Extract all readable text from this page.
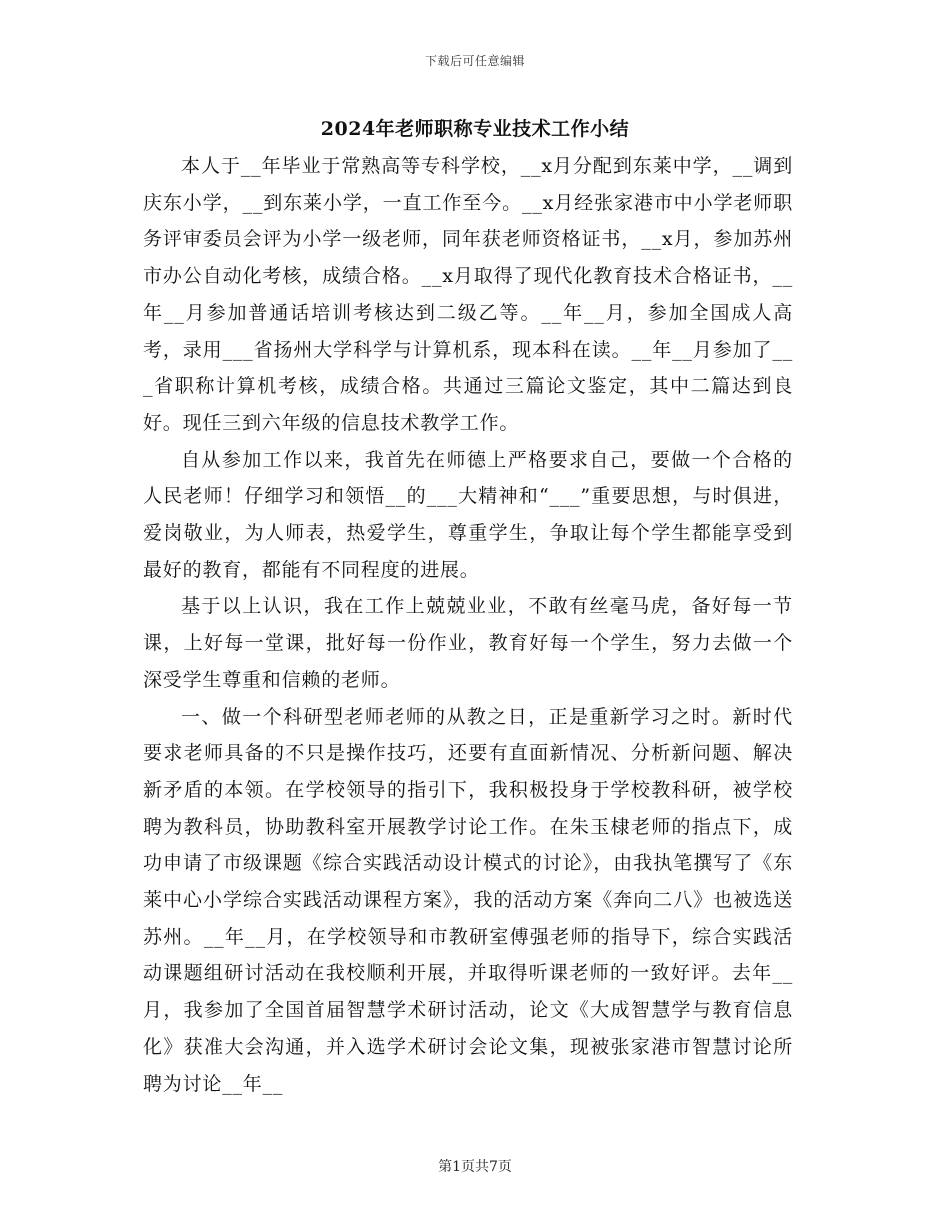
下载后可任意编辑
2024年老师职称专业技术工作小结

本人于__年毕业于常熟高等专科学校，__x月分配到东莱中学，__调到庆东小学，__到东莱小学，一直工作至今。__x月经张家港市中小学老师职务评审委员会评为小学一级老师，同年获老师资格证书，__x月，参加苏州市办公自动化考核，成绩合格。__x月取得了现代化教育技术合格证书，__年__月参加普通话培训考核达到二级乙等。__年__月，参加全国成人高考，录用___省扬州大学科学与计算机系，现本科在读。__年__月参加了___省职称计算机考核，成绩合格。共通过三篇论文鉴定，其中二篇达到良好。现任三到六年级的信息技术教学工作。

自从参加工作以来，我首先在师德上严格要求自己，要做一个合格的人民老师！仔细学习和领悟__的___大精神和“___”重要思想，与时俱进，爱岗敬业，为人师表，热爱学生，尊重学生，争取让每个学生都能享受到最好的教育，都能有不同程度的进展。

基于以上认识，我在工作上兢兢业业，不敢有丝毫马虎，备好每一节课，上好每一堂课，批好每一份作业，教育好每一个学生，努力去做一个深受学生尊重和信赖的老师。

一、做一个科研型老师老师的从教之日，正是重新学习之时。新时代要求老师具备的不只是操作技巧，还要有直面新情况、分析新问题、解决新矛盾的本领。在学校领导的指引下，我积极投身于学校教科研，被学校聘为教科员，协助教科室开展教学讨论工作。在朱玉棣老师的指点下，成功申请了市级课题《综合实践活动设计模式的讨论》，由我执笔撰写了《东莱中心小学综合实践活动课程方案》，我的活动方案《奔向二八》也被选送苏州。__年__月，在学校领导和市教研室傅强老师的指导下，综合实践活动课题组研讨活动在我校顺利开展，并取得听课老师的一致好评。去年__月，我参加了全国首届智慧学术研讨活动，论文《大成智慧学与教育信息化》获准大会沟通，并入选学术研讨会论文集，现被张家港市智慧讨论所聘为讨论__年__

第1页共7页
